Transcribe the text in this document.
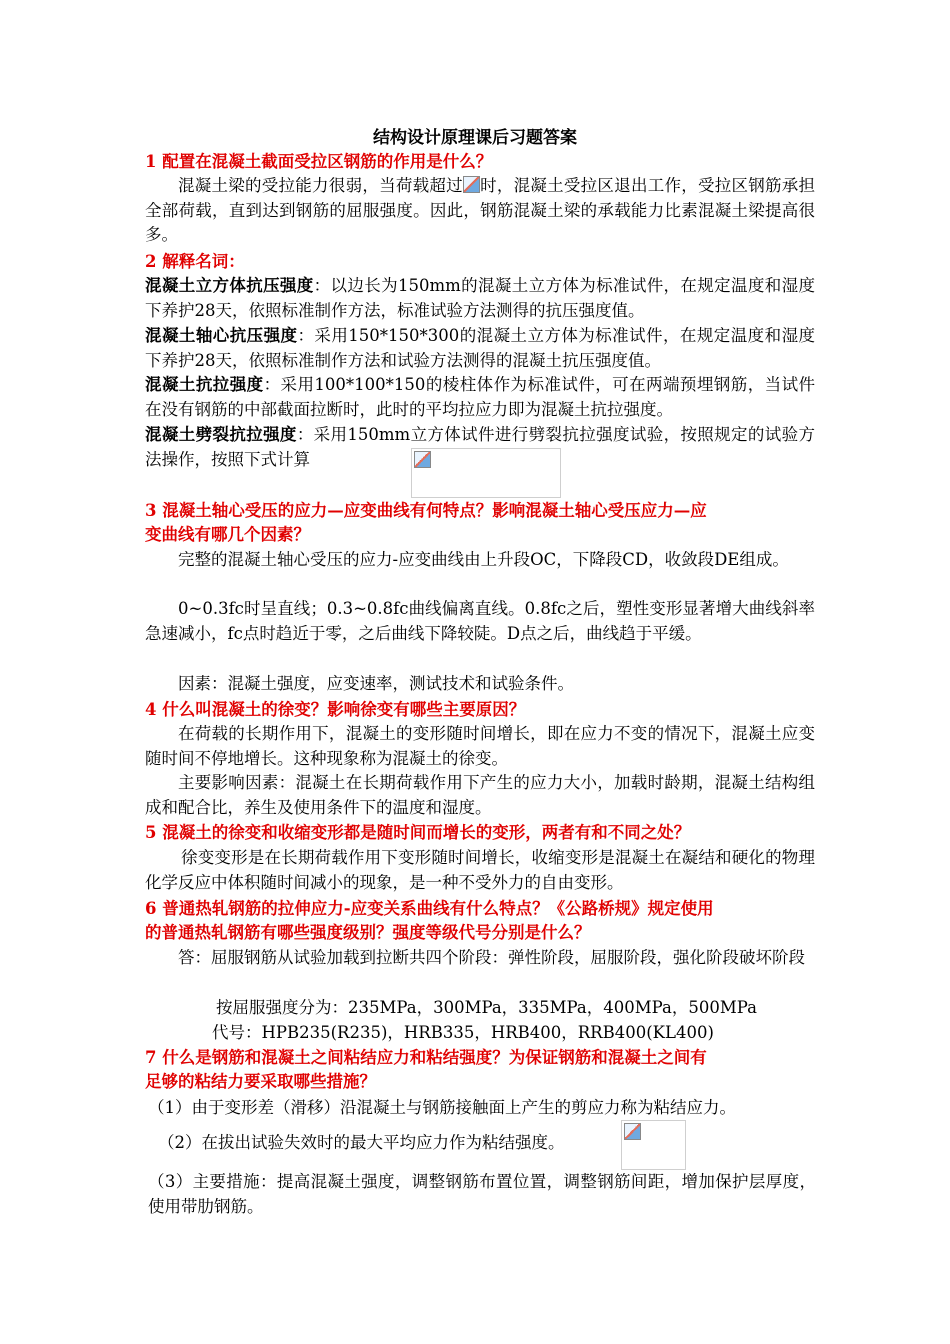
结构设计原理课后习题答案
1 配置在混凝土截面受拉区钢筋的作用是什么？
混凝土梁的受拉能力很弱，当荷载超过 时，混凝土受拉区退出工作，受拉区钢筋承担全部荷载，直到达到钢筋的屈服强度。因此，钢筋混凝土梁的承载能力比素混凝土梁提高很多。
2 解释名词：
混凝土立方体抗压强度：以边长为150mm的混凝土立方体为标准试件，在规定温度和湿度下养护28天，依照标准制作方法，标准试验方法测得的抗压强度值。
混凝土轴心抗压强度：采用150*150*300的混凝土立方体为标准试件，在规定温度和湿度下养护28天，依照标准制作方法和试验方法测得的混凝土抗压强度值。
混凝土抗拉强度：采用100*100*150的棱柱体作为标准试件，可在两端预埋钢筋，当试件在没有钢筋的中部截面拉断时，此时的平均拉应力即为混凝土抗拉强度。
混凝土劈裂抗拉强度：采用150mm立方体试件进行劈裂抗拉强度试验，按照规定的试验方法操作，按照下式计算
3 混凝土轴心受压的应力—应变曲线有何特点？影响混凝土轴心受压应力—应
变曲线有哪几个因素？
完整的混凝土轴心受压的应力-应变曲线由上升段OC，下降段CD，收敛段DE组成。
0~0.3fc时呈直线；0.3~0.8fc曲线偏离直线。0.8fc之后，塑性变形显著增大曲线斜率急速减小，fc点时趋近于零，之后曲线下降较陡。D点之后，曲线趋于平缓。
因素：混凝土强度，应变速率，测试技术和试验条件。
4 什么叫混凝土的徐变？影响徐变有哪些主要原因？
在荷载的长期作用下，混凝土的变形随时间增长，即在应力不变的情况下，混凝土应变随时间不停地增长。这种现象称为混凝土的徐变。
主要影响因素：混凝土在长期荷载作用下产生的应力大小，加载时龄期，混凝土结构组成和配合比，养生及使用条件下的温度和湿度。
5 混凝土的徐变和收缩变形都是随时间而增长的变形，两者有和不同之处？
徐变变形是在长期荷载作用下变形随时间增长，收缩变形是混凝土在凝结和硬化的物理化学反应中体积随时间减小的现象，是一种不受外力的自由变形。
6 普通热轧钢筋的拉伸应力-应变关系曲线有什么特点？《公路桥规》规定使用
的普通热轧钢筋有哪些强度级别？强度等级代号分别是什么？
答：屈服钢筋从试验加载到拉断共四个阶段：弹性阶段，屈服阶段，强化阶段破坏阶段
按屈服强度分为：235MPa，300MPa，335MPa，400MPa，500MPa
代号：HPB235(R235)，HRB335，HRB400，RRB400(KL400)
7 什么是钢筋和混凝土之间粘结应力和粘结强度？为保证钢筋和混凝土之间有
足够的粘结力要采取哪些措施？
（1）由于变形差（滑移）沿混凝土与钢筋接触面上产生的剪应力称为粘结应力。
（2）在拔出试验失效时的最大平均应力作为粘结强度。
（3）主要措施：提高混凝土强度，调整钢筋布置位置，调整钢筋间距，增加保护层厚度，使用带肋钢筋。
